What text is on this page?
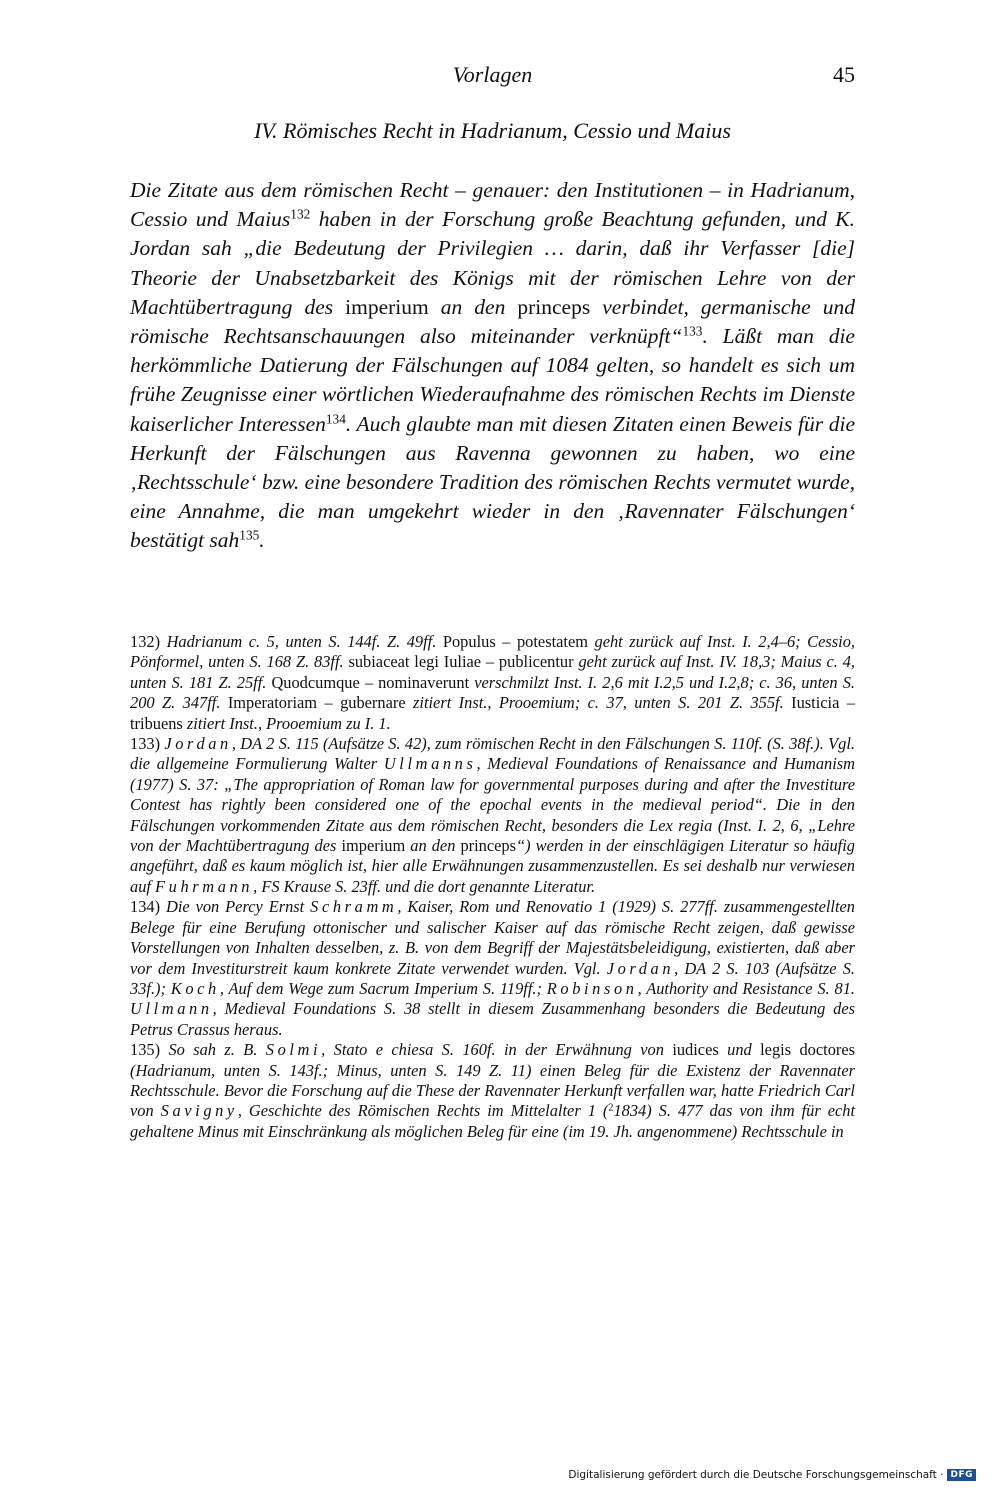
Vorlagen	45
IV. Römisches Recht in Hadrianum, Cessio und Maius

Die Zitate aus dem römischen Recht – genauer: den Institutionen – in Hadrianum, Cessio und Maius$^{132}$ haben in der Forschung große Beachtung gefunden, und K. Jordan sah „die Bedeutung der Privilegien … darin, daß ihr Verfasser [die] Theorie der Unabsetzbarkeit des Königs mit der römischen Lehre von der Machtübertragung des imperium an den princeps verbindet, germanische und römische Rechtsanschauungen also miteinander verknüpft“$^{133}$. Läßt man die herkömmliche Datierung der Fälschungen auf 1084 gelten, so handelt es sich um frühe Zeugnisse einer wörtlichen Wiederaufnahme des römischen Rechts im Dienste kaiserlicher Interessen$^{134}$. Auch glaubte man mit diesen Zitaten einen Beweis für die Herkunft der Fälschungen aus Ravenna gewonnen zu haben, wo eine ‚Rechtsschule‘ bzw. eine besondere Tradition des römischen Rechts vermutet wurde, eine Annahme, die man umgekehrt wieder in den ‚Ravennater Fälschungen‘ bestätigt sah$^{135}$.

132) Hadrianum c. 5, unten S. 144f. Z. 49ff. Populus – potestatem geht zurück auf Inst. I. 2,4–6; Cessio, Pönformel, unten S. 168 Z. 83ff. subiaceat legi Iuliae – publicentur geht zurück auf Inst. IV. 18,3; Maius c. 4, unten S. 181 Z. 25ff. Quodcumque – nominaverunt verschmilzt Inst. I. 2,6 mit I.2,5 und I.2,8; c. 36, unten S. 200 Z. 347ff. Imperatoriam – gubernare zitiert Inst., Prooemium; c. 37, unten S. 201 Z. 355f. Iusticia – tribuens zitiert Inst., Prooemium zu I. 1.

133) Jordan, DA 2 S. 115 (Aufsätze S. 42), zum römischen Recht in den Fälschungen S. 110f. (S. 38f.). Vgl. die allgemeine Formulierung Walter Ullmanns, Medieval Foundations of Renaissance and Humanism (1977) S. 37: „The appropriation of Roman law for governmental purposes during and after the Investiture Contest has rightly been considered one of the epochal events in the medieval period“. Die in den Fälschungen vorkommenden Zitate aus dem römischen Recht, besonders die Lex regia (Inst. I. 2, 6, „Lehre von der Machtübertragung des imperium an den princeps“) werden in der einschlägigen Literatur so häufig angeführt, daß es kaum möglich ist, hier alle Erwähnungen zusammenzustellen. Es sei deshalb nur verwiesen auf Fuhrmann, FS Krause S. 23ff. und die dort genannte Literatur.

134) Die von Percy Ernst Schramm, Kaiser, Rom und Renovatio 1 (1929) S. 277ff. zusammengestellten Belege für eine Berufung ottonischer und salischer Kaiser auf das römische Recht zeigen, daß gewisse Vorstellungen von Inhalten desselben, z. B. von dem Begriff der Majestätsbeleidigung, existierten, daß aber vor dem Investiturstreit kaum konkrete Zitate verwendet wurden. Vgl. Jordan, DA 2 S. 103 (Aufsätze S. 33f.); Koch, Auf dem Wege zum Sacrum Imperium S. 119ff.; Robinson, Authority and Resistance S. 81. Ullmann, Medieval Foundations S. 38 stellt in diesem Zusammenhang besonders die Bedeutung des Petrus Crassus heraus.

135) So sah z. B. Solmi, Stato e chiesa S. 160f. in der Erwähnung von iudices und legis doctores (Hadrianum, unten S. 143f.; Minus, unten S. 149 Z. 11) einen Beleg für die Existenz der Ravennater Rechtsschule. Bevor die Forschung auf die These der Ravennater Herkunft verfallen war, hatte Friedrich Carl von Savigny, Geschichte des Römischen Rechts im Mittelalter 1 ($^2$1834) S. 477 das von ihm für echt gehaltene Minus mit Einschränkung als möglichen Beleg für eine (im 19. Jh. angenommene) Rechtsschule in

Digitalisierung gefördert durch die Deutsche Forschungsgemeinschaft · DFG
